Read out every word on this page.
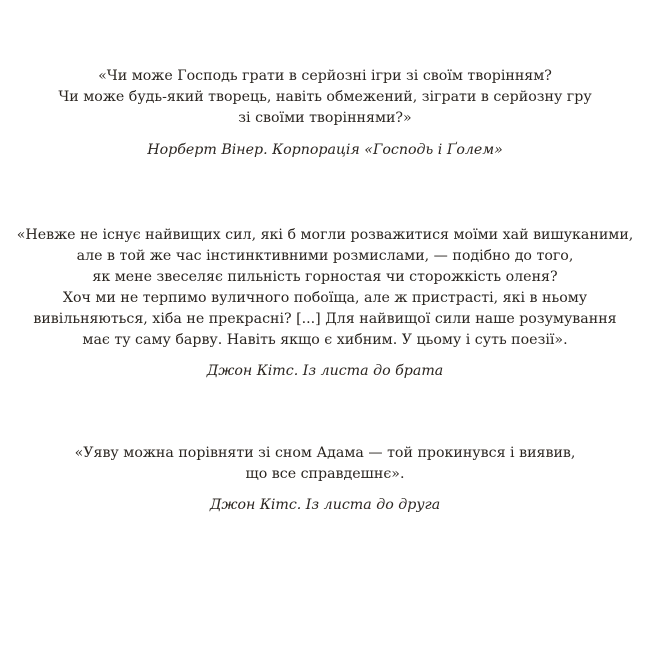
«Чи може Господь грати в серйозні ігри зі своїм творінням?
Чи може будь-який творець, навіть обмежений, зіграти в серйозну гру
зі своїми творіннями?»
Норберт Вінер. Корпорація «Господь і Ґолем»
«Невже не існує найвищих сил, які б могли розважитися моїми хай вишуканими,
але в той же час інстинктивними розмислами, — подібно до того,
як мене звеселяє пильність горностая чи сторожкість оленя?
Хоч ми не терпимо вуличного побоїща, але ж пристрасті, які в ньому
вивільняються, хіба не прекрасні? [...] Для найвищої сили наше розумування
має ту саму барву. Навіть якщо є хибним. У цьому і суть поезії».
Джон Кітс. Із листа до брата
«Уяву можна порівняти зі сном Адама — той прокинувся і виявив,
що все справдешнє».
Джон Кітс. Із листа до друга
